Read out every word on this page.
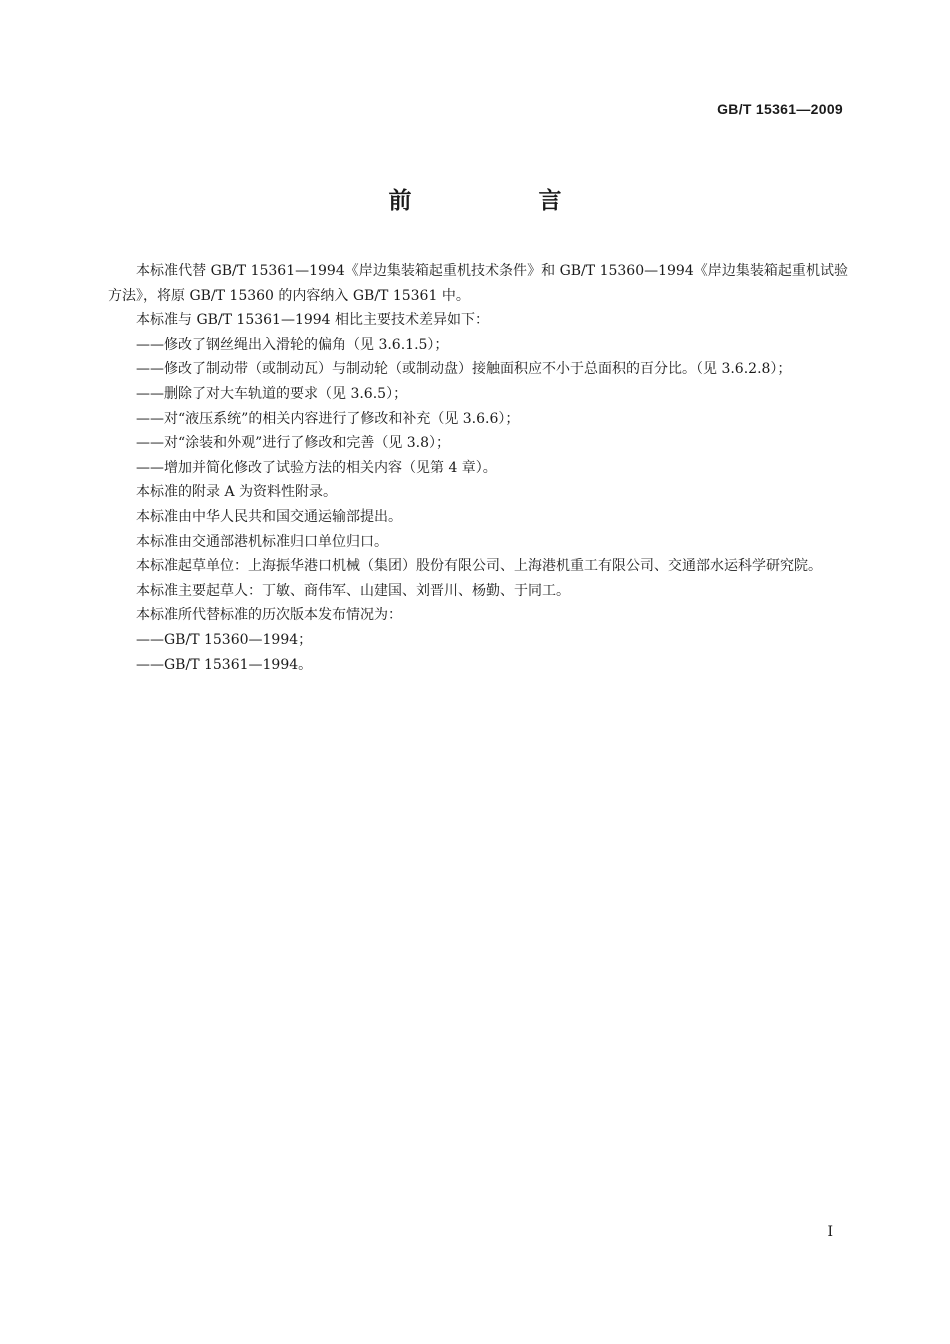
GB/T 15361—2009
前　言

本标准代替 GB/T 15361—1994《岸边集装箱起重机技术条件》和 GB/T 15360—1994《岸边集装箱起重机试验方法》，将原 GB/T 15360 的内容纳入 GB/T 15361 中。

本标准与 GB/T 15361—1994 相比主要技术差异如下：

——修改了钢丝绳出入滑轮的偏角（见 3.6.1.5）；

——修改了制动带（或制动瓦）与制动轮（或制动盘）接触面积应不小于总面积的百分比。（见 3.6.2.8）；

——删除了对大车轨道的要求（见 3.6.5）；

——对“液压系统”的相关内容进行了修改和补充（见 3.6.6）；

——对“涂装和外观”进行了修改和完善（见 3.8）；

——增加并简化修改了试验方法的相关内容（见第 4 章）。

本标准的附录 A 为资料性附录。

本标准由中华人民共和国交通运输部提出。

本标准由交通部港机标准归口单位归口。

本标准起草单位：上海振华港口机械（集团）股份有限公司、上海港机重工有限公司、交通部水运科学研究院。

本标准主要起草人：丁敏、商伟军、山建国、刘晋川、杨勤、于同工。

本标准所代替标准的历次版本发布情况为：

——GB/T 15360—1994；

——GB/T 15361—1994。

I
